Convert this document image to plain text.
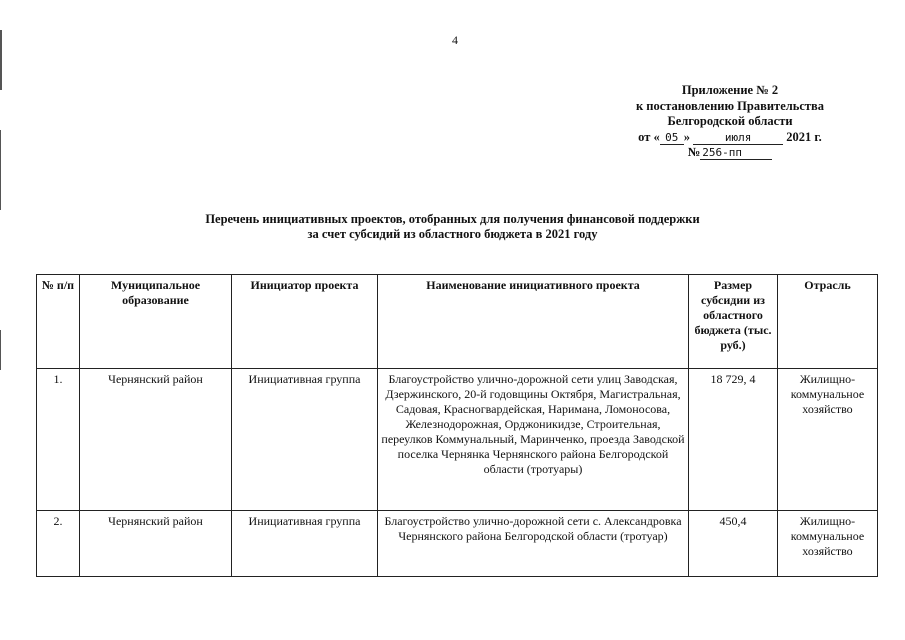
4
Приложение № 2
к постановлению Правительства
Белгородской области
от « 05 »	июля	2021 г.
№ 256-пп
Перечень инициативных проектов, отобранных для получения финансовой поддержки
за счет субсидий из областного бюджета в 2021 году
№ п/п	Муниципальное образование	Инициатор проекта	Наименование инициативного проекта	Размер субсидии из областного бюджета (тыс. руб.)	Отрасль
1.	Чернянский район	Инициативная группа	Благоустройство улично-дорожной сети улиц Заводская, Дзержинского, 20-й годовщины Октября, Магистральная, Садовая, Красногвардейская, Наримана, Ломоносова, Железнодорожная, Орджоникидзе, Строительная, переулков Коммунальный, Маринченко, проезда Заводской поселка Чернянка Чернянского района Белгородской области (тротуары)	18 729, 4	Жилищно-коммунальное хозяйство
2.	Чернянский район	Инициативная группа	Благоустройство улично-дорожной сети с. Александровка Чернянского района Белгородской области (тротуар)	450,4	Жилищно-коммунальное хозяйство
